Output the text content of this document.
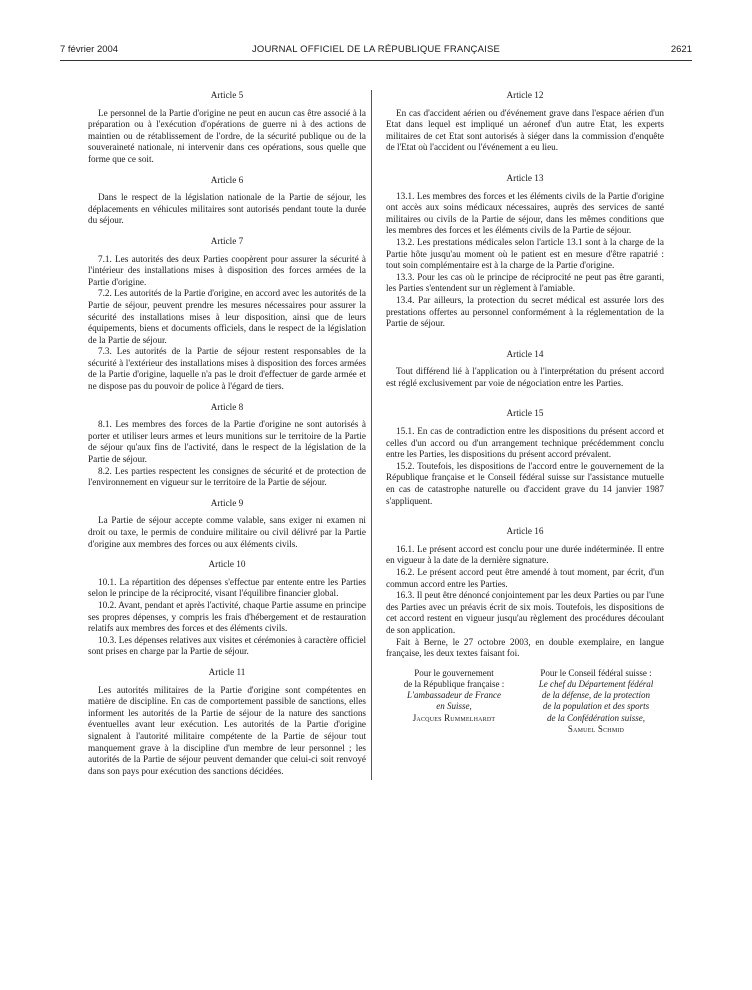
7 février 2004	JOURNAL OFFICIEL DE LA RÉPUBLIQUE FRANÇAISE	2621
Article 5

Le personnel de la Partie d'origine ne peut en aucun cas être associé à la préparation ou à l'exécution d'opérations de guerre ni à des actions de maintien ou de rétablissement de l'ordre, de la sécurité publique ou de la souveraineté nationale, ni intervenir dans ces opérations, sous quelle que forme que ce soit.

Article 6

Dans le respect de la législation nationale de la Partie de séjour, les déplacements en véhicules militaires sont autorisés pendant toute la durée du séjour.

Article 7

7.1. Les autorités des deux Parties coopèrent pour assurer la sécurité à l'intérieur des installations mises à disposition des forces armées de la Partie d'origine.

7.2. Les autorités de la Partie d'origine, en accord avec les autorités de la Partie de séjour, peuvent prendre les mesures nécessaires pour assurer la sécurité des installations mises à leur disposition, ainsi que de leurs équipements, biens et documents officiels, dans le respect de la législation de la Partie de séjour.

7.3. Les autorités de la Partie de séjour restent responsables de la sécurité à l'extérieur des installations mises à disposition des forces armées de la Partie d'origine, laquelle n'a pas le droit d'effectuer de garde armée et ne dispose pas du pouvoir de police à l'égard de tiers.

Article 8

8.1. Les membres des forces de la Partie d'origine ne sont autorisés à porter et utiliser leurs armes et leurs munitions sur le territoire de la Partie de séjour qu'aux fins de l'activité, dans le respect de la législation de la Partie de séjour.

8.2. Les parties respectent les consignes de sécurité et de protection de l'environnement en vigueur sur le territoire de la Partie de séjour.

Article 9

La Partie de séjour accepte comme valable, sans exiger ni examen ni droit ou taxe, le permis de conduire militaire ou civil délivré par la Partie d'origine aux membres des forces ou aux éléments civils.

Article 10

10.1. La répartition des dépenses s'effectue par entente entre les Parties selon le principe de la réciprocité, visant l'équilibre financier global.

10.2. Avant, pendant et après l'activité, chaque Partie assume en principe ses propres dépenses, y compris les frais d'hébergement et de restauration relatifs aux membres des forces et des éléments civils.

10.3. Les dépenses relatives aux visites et cérémonies à caractère officiel sont prises en charge par la Partie de séjour.

Article 11

Les autorités militaires de la Partie d'origine sont compétentes en matière de discipline. En cas de comportement passible de sanctions, elles informent les autorités de la Partie de séjour de la nature des sanctions éventuelles avant leur exécution. Les autorités de la Partie d'origine signalent à l'autorité militaire compétente de la Partie de séjour tout manquement grave à la discipline d'un membre de leur personnel ; les autorités de la Partie de séjour peuvent demander que celui-ci soit renvoyé dans son pays pour exécution des sanctions décidées.

Article 12

En cas d'accident aérien ou d'événement grave dans l'espace aérien d'un Etat dans lequel est impliqué un aéronef d'un autre Etat, les experts militaires de cet Etat sont autorisés à siéger dans la commission d'enquête de l'Etat où l'accident ou l'événement a eu lieu.

Article 13

13.1. Les membres des forces et les éléments civils de la Partie d'origine ont accès aux soins médicaux nécessaires, auprès des services de santé militaires ou civils de la Partie de séjour, dans les mêmes conditions que les membres des forces et les éléments civils de la Partie de séjour.

13.2. Les prestations médicales selon l'article 13.1 sont à la charge de la Partie hôte jusqu'au moment où le patient est en mesure d'être rapatrié : tout soin complémentaire est à la charge de la Partie d'origine.

13.3. Pour les cas où le principe de réciprocité ne peut pas être garanti, les Parties s'entendent sur un règlement à l'amiable.

13.4. Par ailleurs, la protection du secret médical est assurée lors des prestations offertes au personnel conformément à la réglementation de la Partie de séjour.

Article 14

Tout différend lié à l'application ou à l'interprétation du présent accord est réglé exclusivement par voie de négociation entre les Parties.

Article 15

15.1. En cas de contradiction entre les dispositions du présent accord et celles d'un accord ou d'un arrangement technique précédemment conclu entre les Parties, les dispositions du présent accord prévalent.

15.2. Toutefois, les dispositions de l'accord entre le gouvernement de la République française et le Conseil fédéral suisse sur l'assistance mutuelle en cas de catastrophe naturelle ou d'accident grave du 14 janvier 1987 s'appliquent.

Article 16

16.1. Le présent accord est conclu pour une durée indéterminée. Il entre en vigueur à la date de la dernière signature.

16.2. Le présent accord peut être amendé à tout moment, par écrit, d'un commun accord entre les Parties.

16.3. Il peut être dénoncé conjointement par les deux Parties ou par l'une des Parties avec un préavis écrit de six mois. Toutefois, les dispositions de cet accord restent en vigueur jusqu'au règlement des procédures découlant de son application.

Fait à Berne, le 27 octobre 2003, en double exemplaire, en langue française, les deux textes faisant foi.

Pour le gouvernement
de la République française :
L'ambassadeur de France
en Suisse,
Jacques Rummelhardt
Pour le Conseil fédéral suisse :
Le chef du Département fédéral
de la défense, de la protection
de la population et des sports
de la Confédération suisse,
Samuel Schmid
